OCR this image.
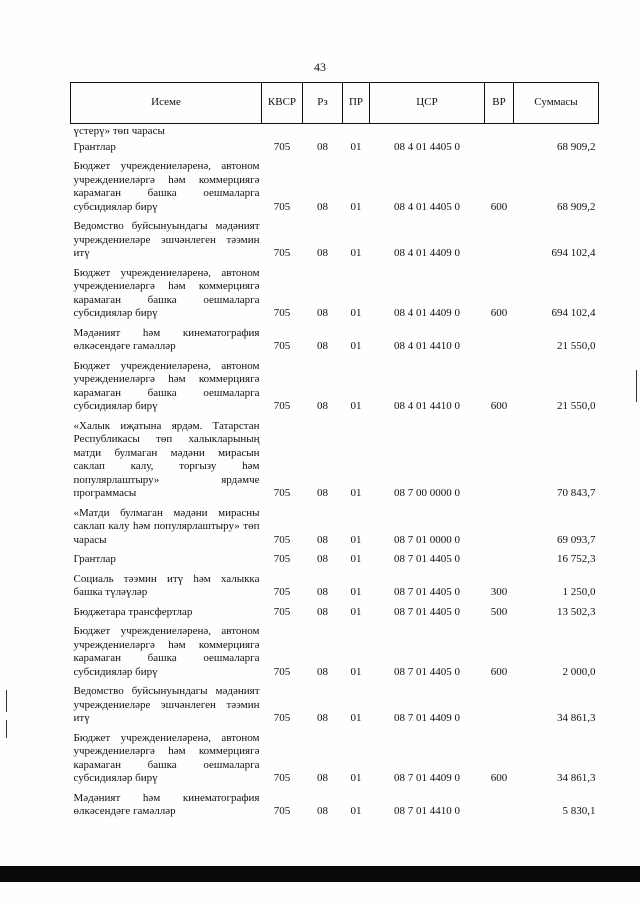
43
Исеме	КВСР	Рз	ПР	ЦСР	ВР	Суммасы
үстерү» төп чарасы						
Грантлар	705	08	01	08 4 01 4405 0		68 909,2
Бюджет учреждениеләренә, автоном учреждениеләргә һәм коммерциягә карамаган башка оешмаларга субсидияләр бирү	705	08	01	08 4 01 4405 0	600	68 909,2
Ведомство буйсынуындагы мәдәният учреждениеләре эшчәнлеген тәэмин итү	705	08	01	08 4 01 4409 0		694 102,4
Бюджет учреждениеләренә, автоном учреждениеләргә һәм коммерциягә карамаган башка оешмаларга субсидияләр бирү	705	08	01	08 4 01 4409 0	600	694 102,4
Мәдәният һәм кинематография өлкәсендәге гамәлләр	705	08	01	08 4 01 4410 0		21 550,0
Бюджет учреждениеләренә, автоном учреждениеләргә һәм коммерциягә карамаган башка оешмаларга субсидияләр бирү	705	08	01	08 4 01 4410 0	600	21 550,0
«Халык иҗатына ярдәм. Татарстан Республикасы төп халыкларының матди булмаган мәдәни мирасын саклап калу, торгызу һәм популярлаштыру» ярдәмче программасы	705	08	01	08 7 00 0000 0		70 843,7
«Матди булмаган мәдәни мирасны саклап калу һәм популярлаштыру» төп чарасы	705	08	01	08 7 01 0000 0		69 093,7
Грантлар	705	08	01	08 7 01 4405 0		16 752,3
Социаль тәэмин итү һәм халыкка башка түләүләр	705	08	01	08 7 01 4405 0	300	1 250,0
Бюджетара трансфертлар	705	08	01	08 7 01 4405 0	500	13 502,3
Бюджет учреждениеләренә, автоном учреждениеләргә һәм коммерциягә карамаган башка оешмаларга субсидияләр бирү	705	08	01	08 7 01 4405 0	600	2 000,0
Ведомство буйсынуындагы мәдәният учреждениеләре эшчәнлеген тәэмин итү	705	08	01	08 7 01 4409 0		34 861,3
Бюджет учреждениеләренә, автоном учреждениеләргә һәм коммерциягә карамаган башка оешмаларга субсидияләр бирү	705	08	01	08 7 01 4409 0	600	34 861,3
Мәдәният һәм кинематография өлкәсендәге гамәлләр	705	08	01	08 7 01 4410 0		5 830,1
